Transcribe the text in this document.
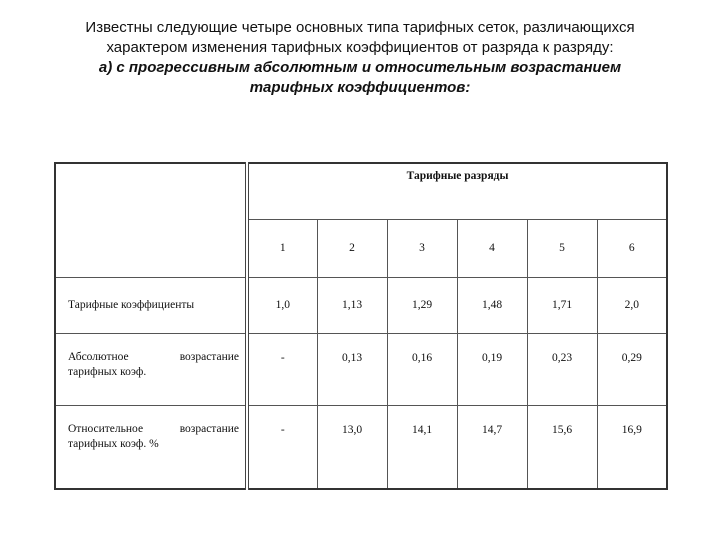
Известны следующие четыре основных типа тарифных сеток, различающихся
характером изменения тарифных коэффициентов от разряда к разряду:
а) с прогрессивным абсолютным и относительным возрастанием
тарифных коэффициентов:

	Тарифные разряды					

	1	2	3	4	5	6
Тарифные коэффициенты	1,0	1,13	1,29	1,48	1,71	2,0

Абсолютное возрастание
тарифных коэф.	-	0,13	0,16	0,19	0,23	0,29

Относительное возрастание
тарифных коэф. %	-	13,0	14,1	14,7	15,6	16,9
